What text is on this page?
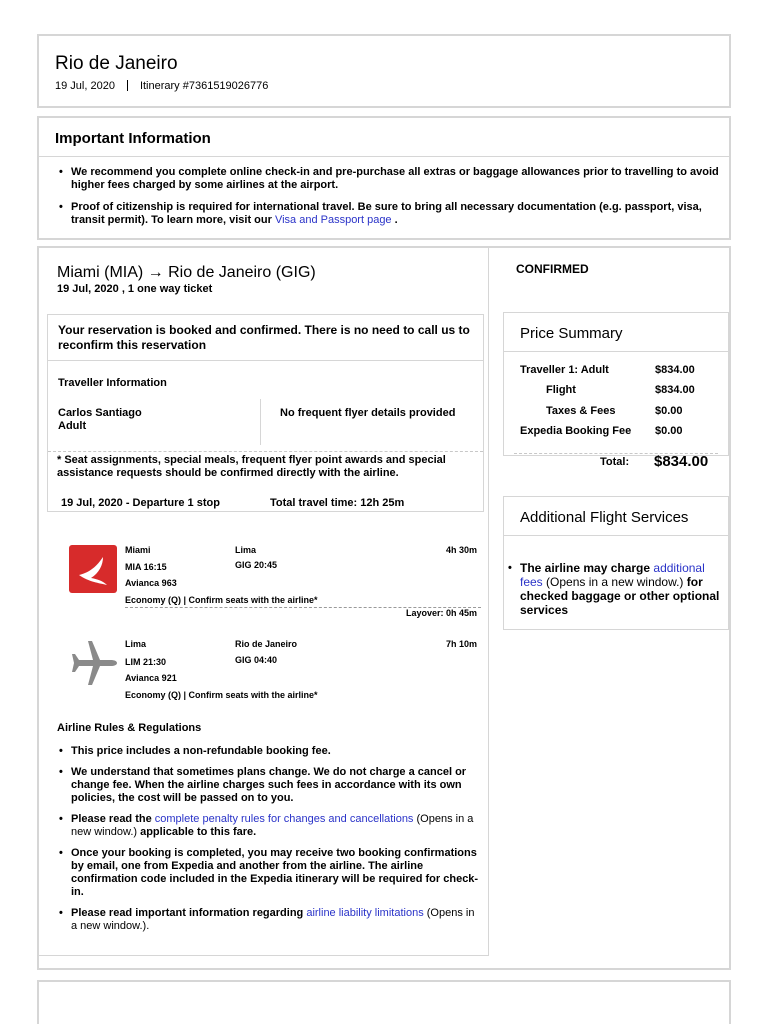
Rio de Janeiro
19 Jul, 2020 Itinerary #7361519026776
Important Information
• We recommend you complete online check-in and pre-purchase all extras or baggage allowances prior to travelling to avoid higher fees charged by some airlines at the airport.
• Proof of citizenship is required for international travel. Be sure to bring all necessary documentation (e.g. passport, visa, transit permit). To learn more, visit our Visa and Passport page .
Miami (MIA) → Rio de Janeiro (GIG)
19 Jul, 2020 , 1 one way ticket
Your reservation is booked and confirmed. There is no need to call us to reconfirm this reservation
Traveller Information
Carlos Santiago
Adult
No frequent flyer details provided
* Seat assignments, special meals, frequent flyer point awards and special assistance requests should be confirmed directly with the airline.
19 Jul, 2020 - Departure 1 stop	Total travel time: 12h 25m
Miami	Lima	4h 30m
MIA 16:15	GIG 20:45
Avianca 963
Economy (Q) | Confirm seats with the airline*
Layover: 0h 45m
Lima	Rio de Janeiro	7h 10m
LIM 21:30	GIG 04:40
Avianca 921
Economy (Q) | Confirm seats with the airline*
Airline Rules & Regulations
• This price includes a non-refundable booking fee.
• We understand that sometimes plans change. We do not charge a cancel or change fee. When the airline charges such fees in accordance with its own policies, the cost will be passed on to you.
• Please read the complete penalty rules for changes and cancellations (Opens in a new window.) applicable to this fare.
• Once your booking is completed, you may receive two booking confirmations by email, one from Expedia and another from the airline. The airline confirmation code included in the Expedia itinerary will be required for check-in.
• Please read important information regarding airline liability limitations (Opens in a new window.).
CONFIRMED
Price Summary
Traveller 1: Adult	$834.00
Flight	$834.00
Taxes & Fees	$0.00
Expedia Booking Fee $0.00
Total: $834.00
Additional Flight Services
• The airline may charge additional fees (Opens in a new window.) for checked baggage or other optional services
